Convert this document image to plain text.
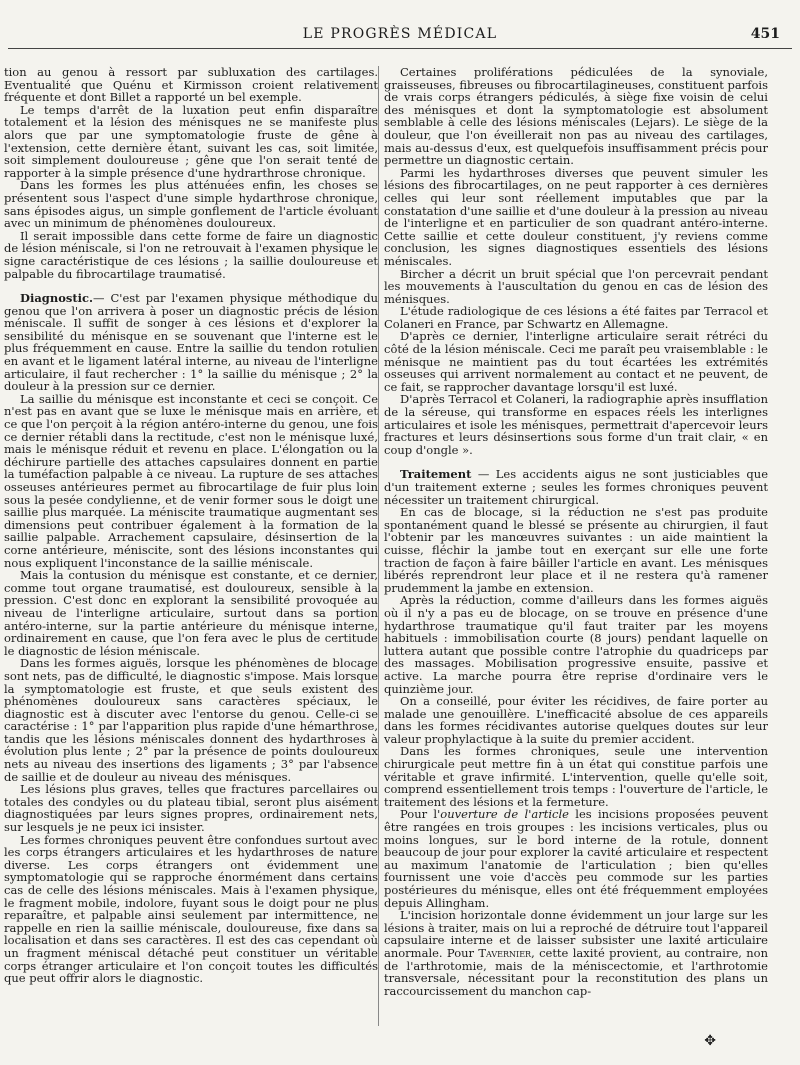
LE PROGRÈS MÉDICAL	451

tion au genou à ressort par subluxation des cartilages. Eventualité que Quénu et Kirmisson croient relativement fréquente et dont Billet a rapporté un bel exemple.

Le temps d'arrêt de la luxation peut enfin disparaître totalement et la lésion des ménisques ne se manifeste plus alors que par une symptomatologie fruste de gêne à l'extension, cette dernière étant, suivant les cas, soit limitée, soit simplement douloureuse ; gêne que l'on serait tenté de rapporter à la simple présence d'une hydrarthrose chronique.

Dans les formes les plus atténuées enfin, les choses se présentent sous l'aspect d'une simple hydarthrose chronique, sans épisodes aigus, un simple gonflement de l'article évoluant avec un minimum de phénomènes douloureux.

Il serait impossible dans cette forme de faire un diagnostic de lésion méniscale, si l'on ne retrouvait à l'examen physique le signe caractéristique de ces lésions ; la saillie douloureuse et palpable du fibrocartilage traumatisé.

Diagnostic.— C'est par l'examen physique méthodique du genou que l'on arrivera à poser un diagnostic précis de lésion méniscale. Il suffit de songer à ces lésions et d'explorer la sensibilité du ménisque en se souvenant que l'interne est le plus fréquemment en cause. Entre la saillie du tendon rotulien en avant et le ligament latéral interne, au niveau de l'interligne articulaire, il faut rechercher : 1° la saillie du ménisque ; 2° la douleur à la pression sur ce dernier.

La saillie du ménisque est inconstante et ceci se conçoit. Ce n'est pas en avant que se luxe le ménisque mais en arrière, et ce que l'on perçoit à la région antéro-interne du genou, une fois ce dernier rétabli dans la rectitude, c'est non le ménisque luxé, mais le ménisque réduit et revenu en place. L'élongation ou la déchirure partielle des attaches capsulaires donnent en partie la tuméfaction palpable à ce niveau. La rupture de ses attaches osseuses antérieures permet au fibrocartilage de fuir plus loin sous la pesée condylienne, et de venir former sous le doigt une saillie plus marquée. La méniscite traumatique augmentant ses dimensions peut contribuer également à la formation de la saillie palpable. Arrachement capsulaire, désinsertion de la corne antérieure, méniscite, sont des lésions inconstantes qui nous expliquent l'inconstance de la saillie méniscale.

Mais la contusion du ménisque est constante, et ce dernier, comme tout organe traumatisé, est douloureux, sensible à la pression. C'est donc en explorant la sensibilité provoquée au niveau de l'interligne articulaire, surtout dans sa portion antéro-interne, sur la partie antérieure du ménisque interne, ordinairement en cause, que l'on fera avec le plus de certitude le diagnostic de lésion méniscale.

Dans les formes aiguës, lorsque les phénomènes de blocage sont nets, pas de difficulté, le diagnostic s'impose. Mais lorsque la symptomatologie est fruste, et que seuls existent des phénomènes douloureux sans caractères spéciaux, le diagnostic est à discuter avec l'entorse du genou. Celle-ci se caractérise : 1° par l'apparition plus rapide d'une hémarthrose, tandis que les lésions méniscales donnent des hydarthroses à évolution plus lente ; 2° par la présence de points douloureux nets au niveau des insertions des ligaments ; 3° par l'absence de saillie et de douleur au niveau des ménisques.

Les lésions plus graves, telles que fractures parcellaires ou totales des condyles ou du plateau tibial, seront plus aisément diagnostiquées par leurs signes propres, ordinairement nets, sur lesquels je ne peux ici insister.

Les formes chroniques peuvent être confondues surtout avec les corps étrangers articulaires et les hydarthroses de nature diverse. Les corps étrangers ont évidemment une symptomatologie qui se rapproche énormément dans certains cas de celle des lésions méniscales. Mais à l'examen physique, le fragment mobile, indolore, fuyant sous le doigt pour ne plus reparaître, et palpable ainsi seulement par intermittence, ne rappelle en rien la saillie méniscale, douloureuse, fixe dans sa localisation et dans ses caractères. Il est des cas cependant où un fragment méniscal détaché peut constituer un véritable corps étranger articulaire et l'on conçoit toutes les difficultés que peut offrir alors le diagnostic.

Certaines proliférations pédiculées de la synoviale, graisseuses, fibreuses ou fibrocartilagineuses, constituent parfois de vrais corps étrangers pédiculés, à siège fixe voisin de celui des ménisques et dont la symptomatologie est absolument semblable à celle des lésions méniscales (Lejars). Le siège de la douleur, que l'on éveillerait non pas au niveau des cartilages, mais au-dessus d'eux, est quelquefois insuffisamment précis pour permettre un diagnostic certain.

Parmi les hydarthroses diverses que peuvent simuler les lésions des fibrocartilages, on ne peut rapporter à ces dernières celles qui leur sont réellement imputables que par la constatation d'une saillie et d'une douleur à la pression au niveau de l'interligne et en particulier de son quadrant antéro-interne. Cette saillie et cette douleur constituent, j'y reviens comme conclusion, les signes diagnostiques essentiels des lésions méniscales.

Bircher a décrit un bruit spécial que l'on percevrait pendant les mouvements à l'auscultation du genou en cas de lésion des ménisques.

L'étude radiologique de ces lésions a été faites par Terracol et Colaneri en France, par Schwartz en Allemagne.

D'après ce dernier, l'interligne articulaire serait rétréci du côté de la lésion méniscale. Ceci me paraît peu vraisemblable : le ménisque ne maintient pas du tout écartées les extrémités osseuses qui arrivent normalement au contact et ne peuvent, de ce fait, se rapprocher davantage lorsqu'il est luxé.

D'après Terracol et Colaneri, la radiographie après insufflation de la séreuse, qui transforme en espaces réels les interlignes articulaires et isole les ménisques, permettrait d'apercevoir leurs fractures et leurs désinsertions sous forme d'un trait clair, « en coup d'ongle ».

Traitement — Les accidents aigus ne sont justiciables que d'un traitement externe ; seules les formes chroniques peuvent nécessiter un traitement chirurgical.

En cas de blocage, si la réduction ne s'est pas produite spontanément quand le blessé se présente au chirurgien, il faut l'obtenir par les manœuvres suivantes : un aide maintient la cuisse, fléchir la jambe tout en exerçant sur elle une forte traction de façon à faire bâiller l'article en avant. Les ménisques libérés reprendront leur place et il ne restera qu'à ramener prudemment la jambe en extension.

Après la réduction, comme d'ailleurs dans les formes aiguës où il n'y a pas eu de blocage, on se trouve en présence d'une hydarthrose traumatique qu'il faut traiter par les moyens habituels : immobilisation courte (8 jours) pendant laquelle on luttera autant que possible contre l'atrophie du quadriceps par des massages. Mobilisation progressive ensuite, passive et active. La marche pourra être reprise d'ordinaire vers le quinzième jour.

On a conseillé, pour éviter les récidives, de faire porter au malade une genouillère. L'inefficacité absolue de ces appareils dans les formes récidivantes autorise quelques doutes sur leur valeur prophylactique à la suite du premier accident.

Dans les formes chroniques, seule une intervention chirurgicale peut mettre fin à un état qui constitue parfois une véritable et grave infirmité. L'intervention, quelle qu'elle soit, comprend essentiellement trois temps : l'ouverture de l'article, le traitement des lésions et la fermeture.

Pour l'ouverture de l'article les incisions proposées peuvent être rangées en trois groupes : les incisions verticales, plus ou moins longues, sur le bord interne de la rotule, donnent beaucoup de jour pour explorer la cavité articulaire et respectent au maximum l'anatomie de l'articulation ; bien qu'elles fournissent une voie d'accès peu commode sur les parties postérieures du ménisque, elles ont été fréquemment employées depuis Allingham.

L'incision horizontale donne évidemment un jour large sur les lésions à traiter, mais on lui a reproché de détruire tout l'appareil capsulaire interne et de laisser subsister une laxité articulaire anormale. Pour Tavernier, cette laxité provient, au contraire, non de l'arthrotomie, mais de la méniscectomie, et l'arthrotomie transversale, nécessitant pour la reconstitution des plans un raccourcissement du manchon cap-

✥
